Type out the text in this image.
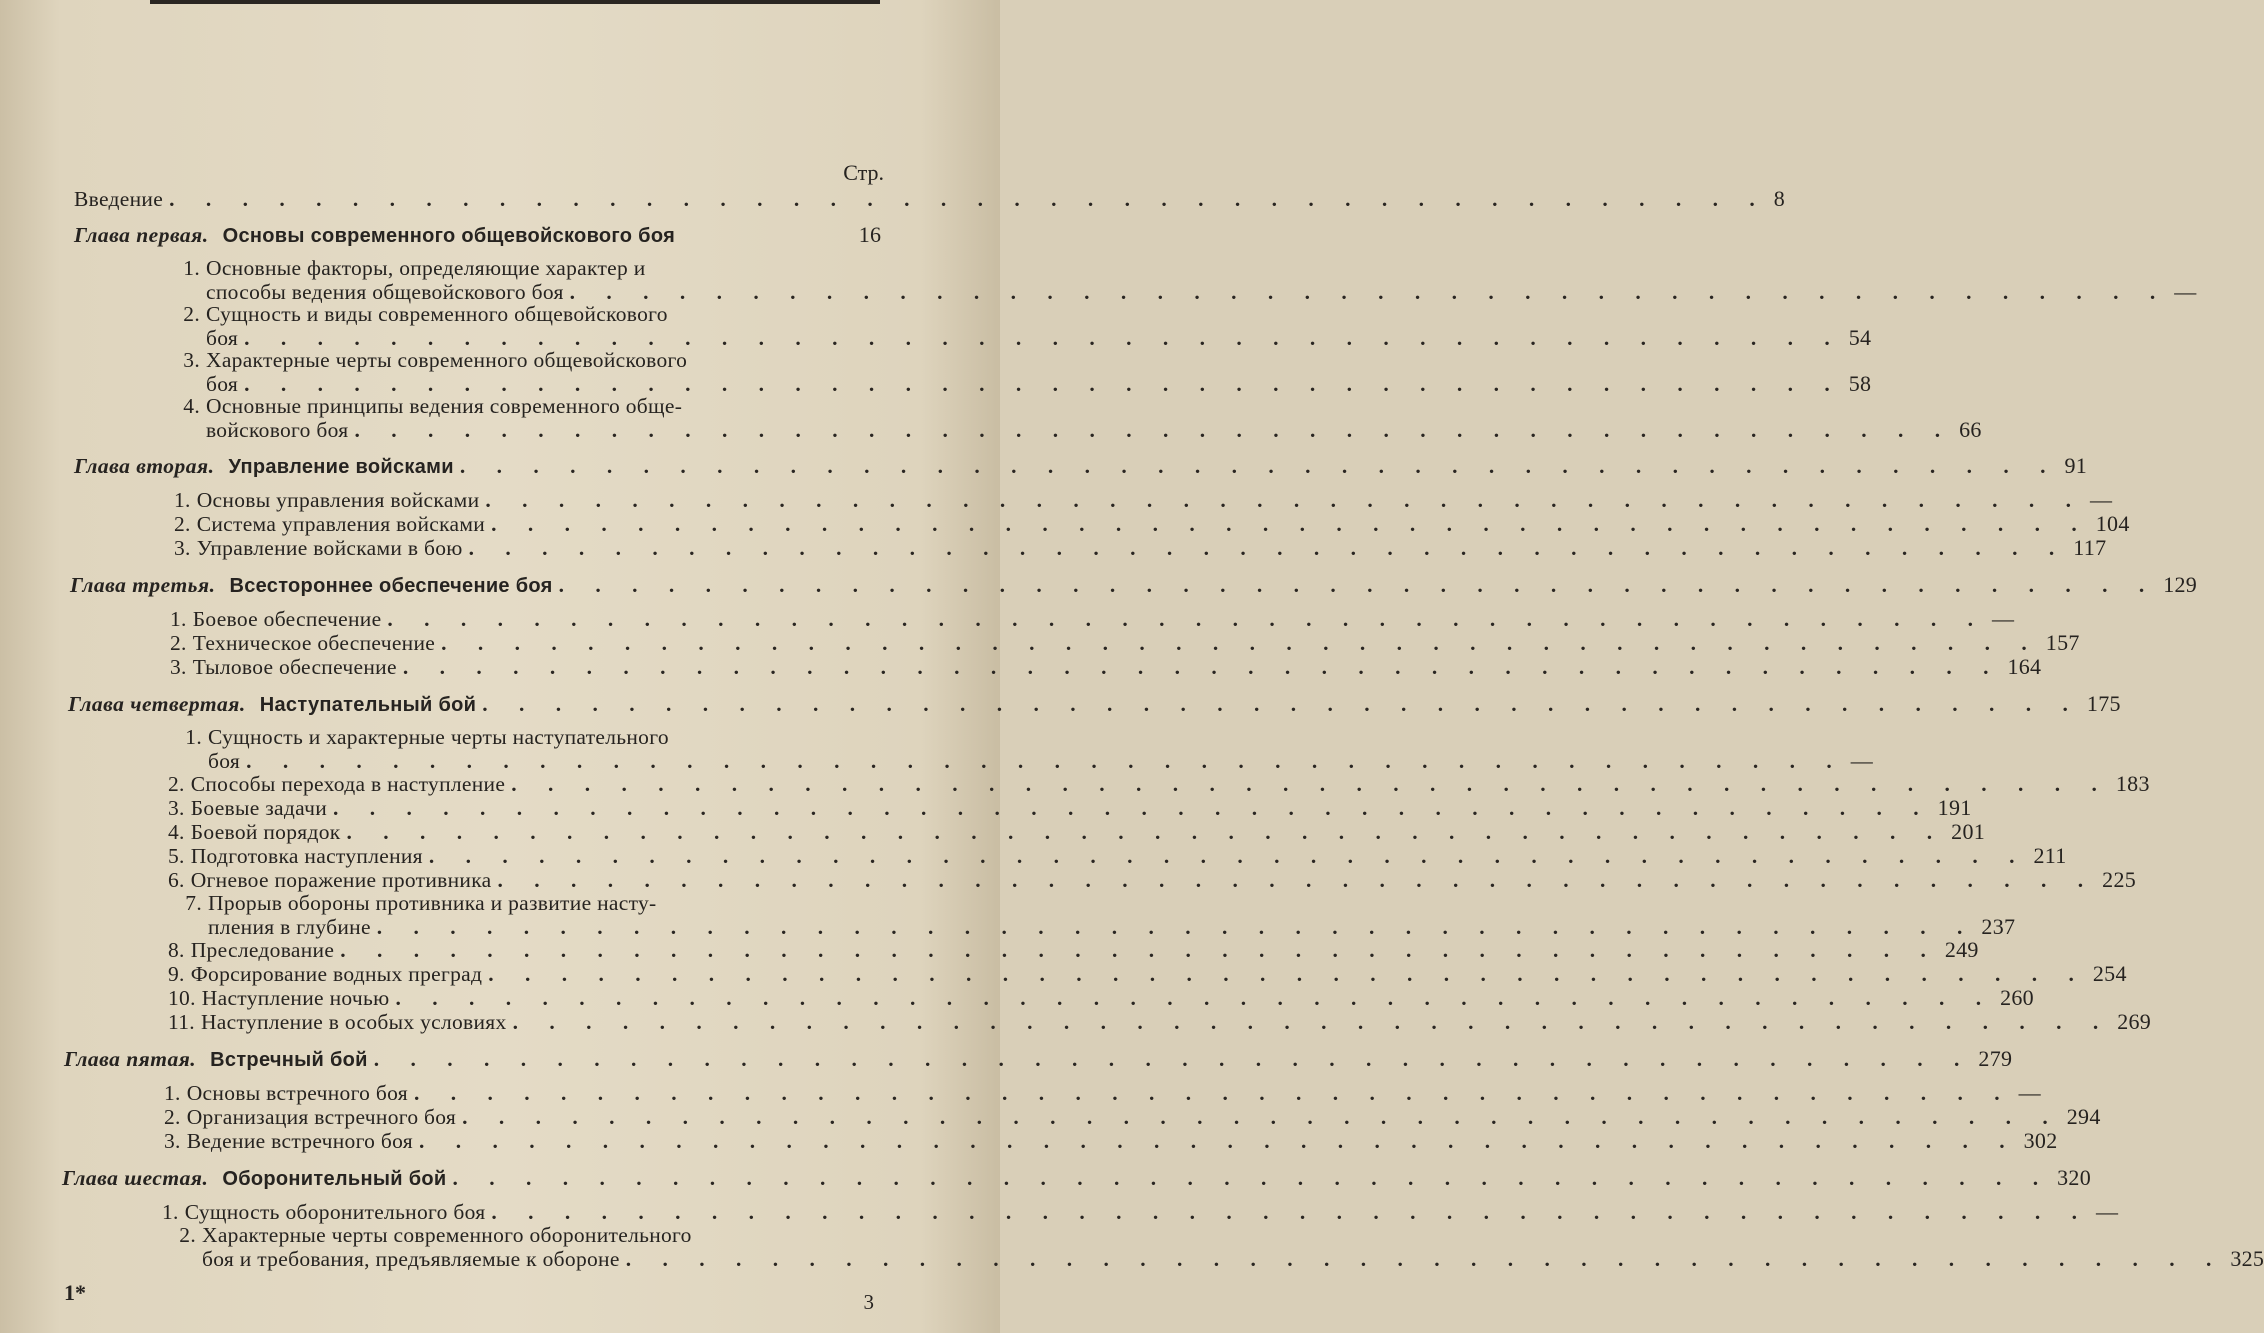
Стр.
Введение . . . . . . . . . . . . . . . . . . . . . . . . . . . . . . . . . . . . . . . . . . . . 8
Глава первая. Основы современного общевойскового боя	16
1. Основные факторы, определяющие характер и
способы ведения общевойскового боя . . . . . . . . . . . . . . . . . . . . . . . . . . . . . . . . . . . . . . . . . . . . —
2. Сущность и виды современного общевойскового
боя . . . . . . . . . . . . . . . . . . . . . . . . . . . . . . . . . . . . . . . . . . . . 54
3. Характерные черты современного общевойскового
боя . . . . . . . . . . . . . . . . . . . . . . . . . . . . . . . . . . . . . . . . . . . . 58
4. Основные принципы ведения современного обще-
войскового боя . . . . . . . . . . . . . . . . . . . . . . . . . . . . . . . . . . . . . . . . . . . . 66
Глава вторая. Управление войсками . . . . . . . . . . . . . . . . . . . . . . . . . . . . . . . . . . . . . . . . . . . . 91
1. Основы управления войсками . . . . . . . . . . . . . . . . . . . . . . . . . . . . . . . . . . . . . . . . . . . . —
2. Система управления войсками . . . . . . . . . . . . . . . . . . . . . . . . . . . . . . . . . . . . . . . . . . . . 104
3. Управление войсками в бою . . . . . . . . . . . . . . . . . . . . . . . . . . . . . . . . . . . . . . . . . . . . 117
Глава третья. Всестороннее обеспечение боя . . . . . . . . . . . . . . . . . . . . . . . . . . . . . . . . . . . . . . . . . . . . 129
1. Боевое обеспечение . . . . . . . . . . . . . . . . . . . . . . . . . . . . . . . . . . . . . . . . . . . . —
2. Техническое обеспечение . . . . . . . . . . . . . . . . . . . . . . . . . . . . . . . . . . . . . . . . . . . . 157
3. Тыловое обеспечение . . . . . . . . . . . . . . . . . . . . . . . . . . . . . . . . . . . . . . . . . . . . 164
Глава четвертая. Наступательный бой . . . . . . . . . . . . . . . . . . . . . . . . . . . . . . . . . . . . . . . . . . . . 175
1. Сущность и характерные черты наступательного
боя . . . . . . . . . . . . . . . . . . . . . . . . . . . . . . . . . . . . . . . . . . . . —
2. Способы перехода в наступление . . . . . . . . . . . . . . . . . . . . . . . . . . . . . . . . . . . . . . . . . . . . 183
3. Боевые задачи . . . . . . . . . . . . . . . . . . . . . . . . . . . . . . . . . . . . . . . . . . . . 191
4. Боевой порядок . . . . . . . . . . . . . . . . . . . . . . . . . . . . . . . . . . . . . . . . . . . . 201
5. Подготовка наступления . . . . . . . . . . . . . . . . . . . . . . . . . . . . . . . . . . . . . . . . . . . . 211
6. Огневое поражение противника . . . . . . . . . . . . . . . . . . . . . . . . . . . . . . . . . . . . . . . . . . . . 225
7. Прорыв обороны противника и развитие насту-
пления в глубине . . . . . . . . . . . . . . . . . . . . . . . . . . . . . . . . . . . . . . . . . . . . 237
8. Преследование . . . . . . . . . . . . . . . . . . . . . . . . . . . . . . . . . . . . . . . . . . . . 249
9. Форсирование водных преград . . . . . . . . . . . . . . . . . . . . . . . . . . . . . . . . . . . . . . . . . . . . 254
10. Наступление ночью . . . . . . . . . . . . . . . . . . . . . . . . . . . . . . . . . . . . . . . . . . . . 260
11. Наступление в особых условиях . . . . . . . . . . . . . . . . . . . . . . . . . . . . . . . . . . . . . . . . . . . . 269
Глава пятая. Встречный бой . . . . . . . . . . . . . . . . . . . . . . . . . . . . . . . . . . . . . . . . . . . . 279
1. Основы встречного боя . . . . . . . . . . . . . . . . . . . . . . . . . . . . . . . . . . . . . . . . . . . . —
2. Организация встречного боя . . . . . . . . . . . . . . . . . . . . . . . . . . . . . . . . . . . . . . . . . . . . 294
3. Ведение встречного боя . . . . . . . . . . . . . . . . . . . . . . . . . . . . . . . . . . . . . . . . . . . . 302
Глава шестая. Оборонительный бой . . . . . . . . . . . . . . . . . . . . . . . . . . . . . . . . . . . . . . . . . . . . 320
1. Сущность оборонительного боя . . . . . . . . . . . . . . . . . . . . . . . . . . . . . . . . . . . . . . . . . . . . —
2. Характерные черты современного оборонительного
боя и требования, предъявляемые к обороне . . . . . . . . . . . . . . . . . . . . . . . . . . . . . . . . . . . . . . . . . . . . 325
1*	3
